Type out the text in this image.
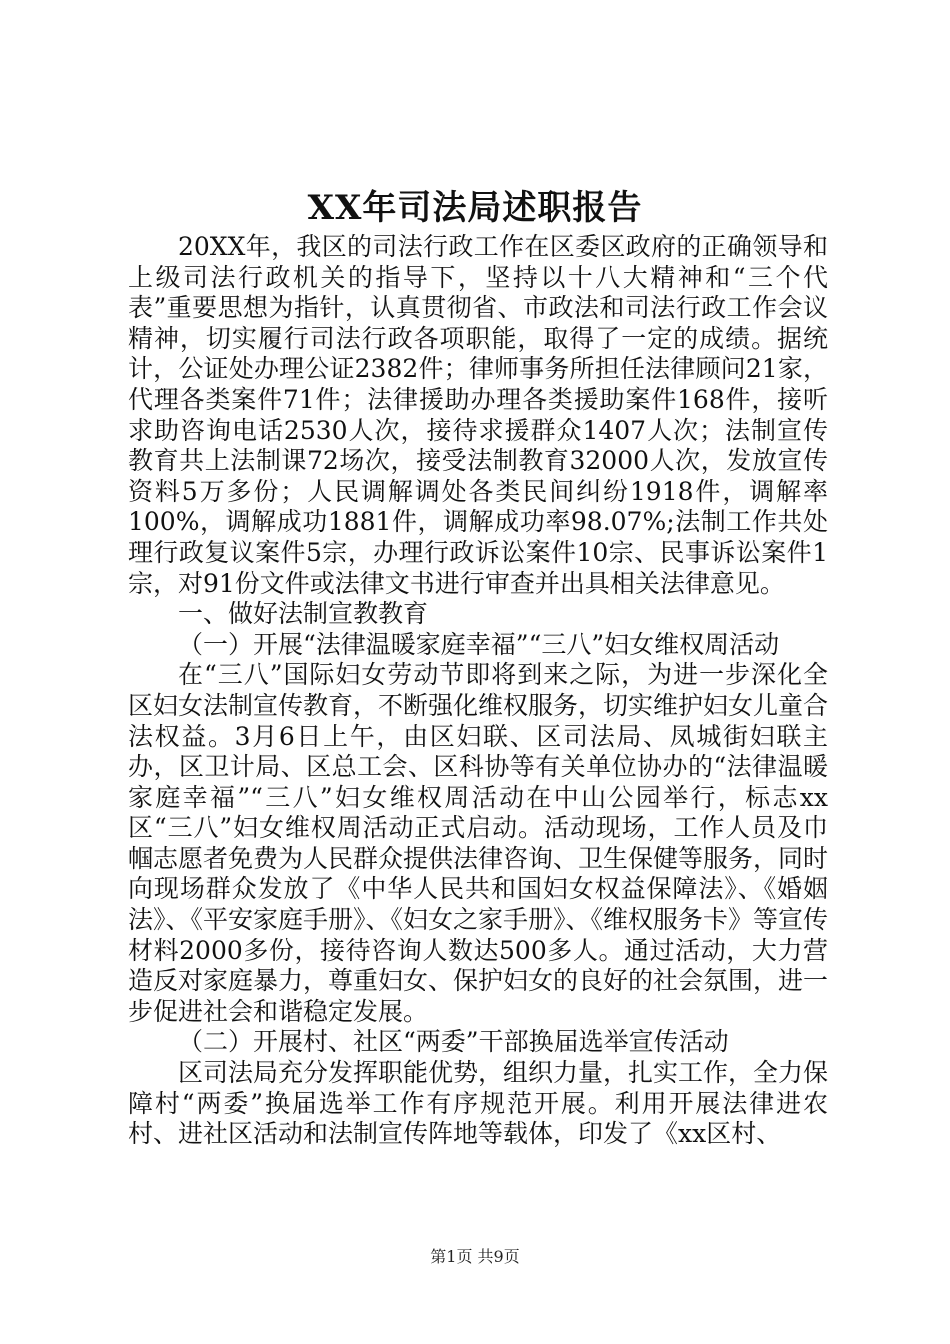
XX年司法局述职报告

20XX年，我区的司法行政工作在区委区政府的正确领导和上级司法行政机关的指导下，坚持以十八大精神和“三个代表”重要思想为指针，认真贯彻省、市政法和司法行政工作会议精神，切实履行司法行政各项职能，取得了一定的成绩。据统计，公证处办理公证2382件；律师事务所担任法律顾问21家，代理各类案件71件；法律援助办理各类援助案件168件，接听求助咨询电话2530人次，接待求援群众1407人次；法制宣传教育共上法制课72场次，接受法制教育32000人次，发放宣传资料5万多份；人民调解调处各类民间纠纷1918件，调解率100%，调解成功1881件，调解成功率98.07%;法制工作共处理行政复议案件5宗，办理行政诉讼案件10宗、民事诉讼案件1宗，对91份文件或法律文书进行审查并出具相关法律意见。

一、做好法制宣教教育

（一）开展“法律温暖家庭幸福”“三八”妇女维权周活动

在“三八”国际妇女劳动节即将到来之际，为进一步深化全区妇女法制宣传教育，不断强化维权服务，切实维护妇女儿童合法权益。3月6日上午，由区妇联、区司法局、凤城街妇联主办，区卫计局、区总工会、区科协等有关单位协办的“法律温暖家庭幸福”“三八”妇女维权周活动在中山公园举行，标志xx区“三八”妇女维权周活动正式启动。活动现场，工作人员及巾帼志愿者免费为人民群众提供法律咨询、卫生保健等服务，同时向现场群众发放了《中华人民共和国妇女权益保障法》、《婚姻法》、《平安家庭手册》、《妇女之家手册》、《维权服务卡》等宣传材料2000多份，接待咨询人数达500多人。通过活动，大力营造反对家庭暴力，尊重妇女、保护妇女的良好的社会氛围，进一步促进社会和谐稳定发展。

（二）开展村、社区“两委”干部换届选举宣传活动

区司法局充分发挥职能优势，组织力量，扎实工作，全力保障村“两委”换届选举工作有序规范开展。利用开展法律进农村、进社区活动和法制宣传阵地等载体，印发了《xx区村、

第1页 共9页
